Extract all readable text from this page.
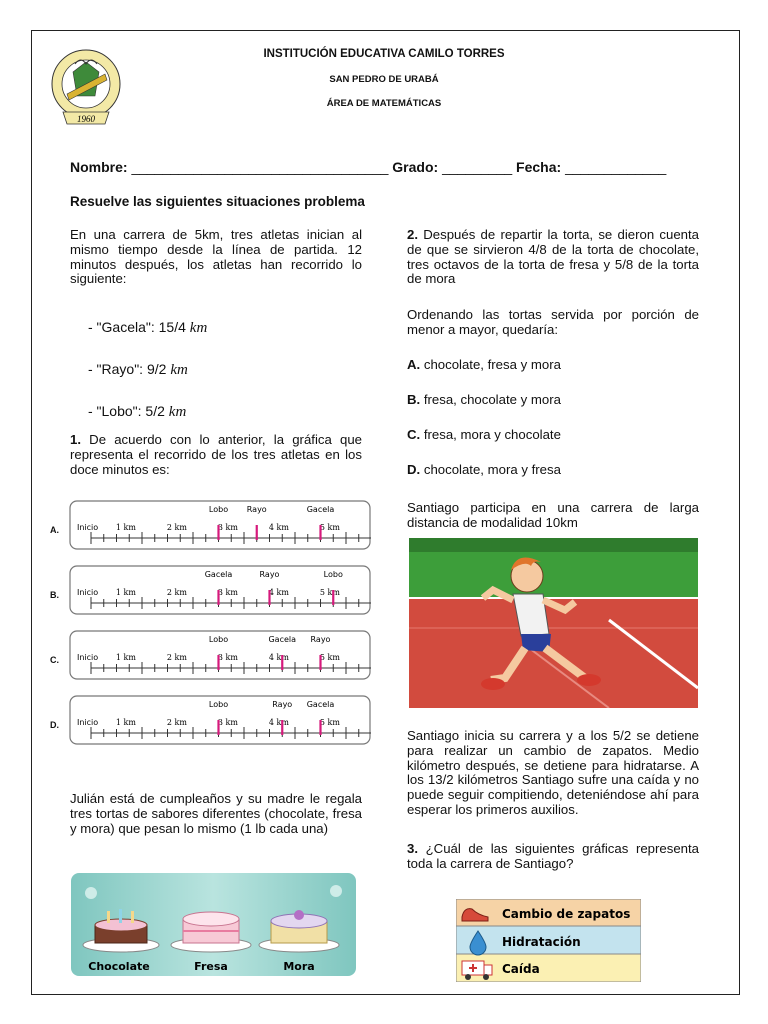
1960
INSTITUCIÓN EDUCATIVA CAMILO TORRES
SAN PEDRO DE URABÁ
ÁREA DE MATEMÁTICAS
Nombre: _________________________________ Grado: _________ Fecha: _____________
Resuelve las siguientes situaciones problema

En una carrera de 5km, tres atletas inician al mismo tiempo desde la línea de partida. 12 minutos después, los atletas han recorrido lo siguiente:

- "Gacela": 15/4 km
- "Rayo": 9/2 km
- "Lobo": 5/2 km

1. De acuerdo con lo anterior, la gráfica que representa el recorrido de los tres atletas en los doce minutos es:

A. Inicio 1 km	2 km	3 km	4 km	5 km
Lobo Rayo	Gacela
B. Inicio 1 km	2 km	3 km	4 km	5 km
Gacela	Rayo	Lobo
C. Inicio 1 km	2 km	3 km	4 km	5 km
Lobo	Gacela Rayo
D. Inicio 1 km	2 km	3 km	4 km	5 km
Lobo	Rayo Gacela

Julián está de cumpleaños y su madre le regala tres tortas de sabores diferentes (chocolate, fresa y mora) que pesan lo mismo (1 lb cada una)

Chocolate	Fresa	Mora

2. Después de repartir la torta, se dieron cuenta de que se sirvieron 4/8 de la torta de chocolate, tres octavos de la torta de fresa y 5/8 de la torta de mora

Ordenando las tortas servida por porción de menor a mayor, quedaría:

A. chocolate, fresa y mora
B. fresa, chocolate y mora
C. fresa, mora y chocolate
D. chocolate, mora y fresa

Santiago participa en una carrera de larga distancia de modalidad 10km

Santiago inicia su carrera y a los 5/2 se detiene para realizar un cambio de zapatos. Medio kilómetro después, se detiene para hidratarse. A los 13/2 kilómetros Santiago sufre una caída y no puede seguir compitiendo, deteniéndose ahí para esperar los primeros auxilios.

3. ¿Cuál de las siguientes gráficas representa toda la carrera de Santiago?

Cambio de zapatos
Hidratación
Caída
